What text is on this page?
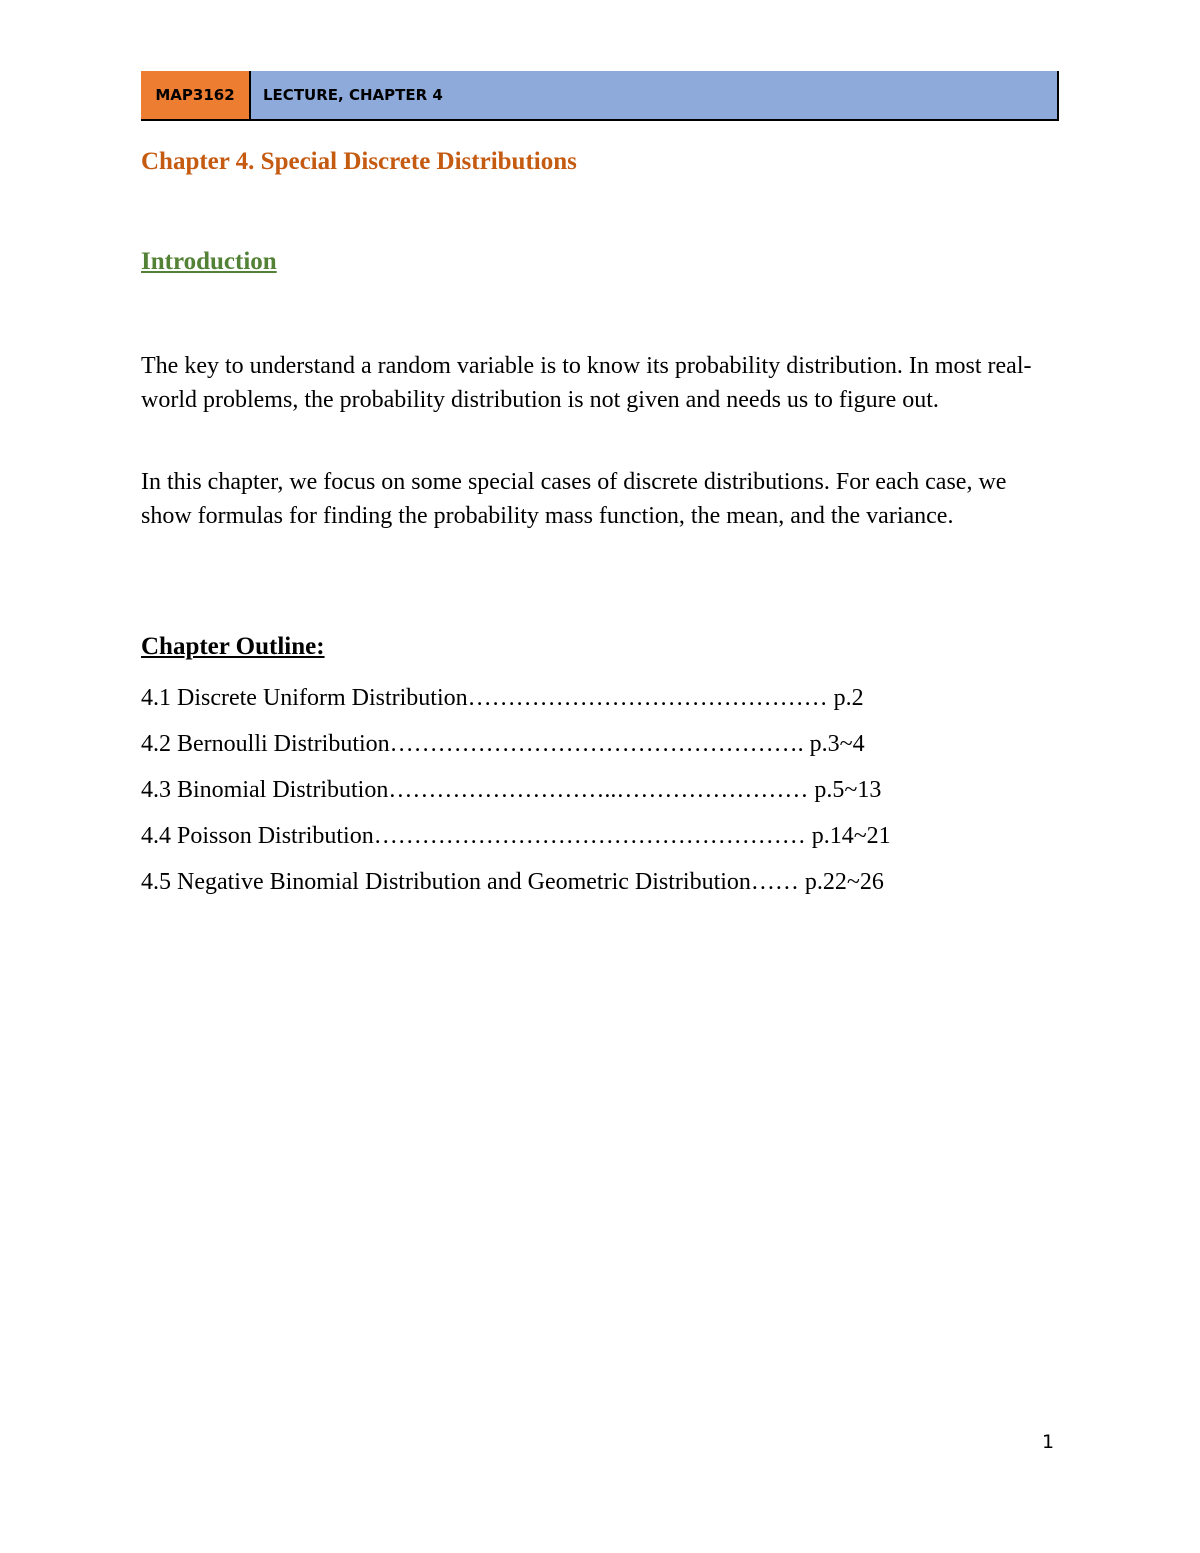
MAP3162	LECTURE, CHAPTER 4
Chapter 4. Special Discrete Distributions
Introduction

The key to understand a random variable is to know its probability distribution. In most real-world problems, the probability distribution is not given and needs us to figure out.

In this chapter, we focus on some special cases of discrete distributions. For each case, we show formulas for finding the probability mass function, the mean, and the variance.

Chapter Outline:
4.1 Discrete Uniform Distribution……………………………………… p.2
4.2 Bernoulli Distribution……………………………………………. p.3~4
4.3 Binomial Distribution………………………..…………………… p.5~13
4.4 Poisson Distribution……………………………………………… p.14~21
4.5 Negative Binomial Distribution and Geometric Distribution…… p.22~26
1
